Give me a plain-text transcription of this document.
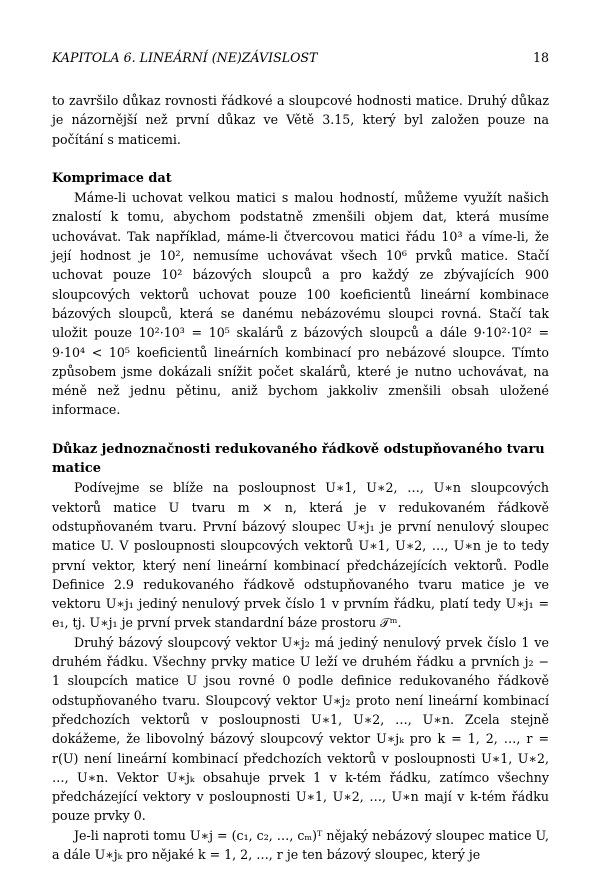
KAPITOLA 6. LINEÁRNÍ (NE)ZÁVISLOST	18

to završilo důkaz rovnosti řádkové a sloupcové hodnosti matice. Druhý důkaz je názornější než první důkaz ve Větě 3.15, který byl založen pouze na počítání s maticemi.

Komprimace dat

Máme-li uchovat velkou matici s malou hodností, můžeme využít našich znalostí k tomu, abychom podstatně zmenšili objem dat, která musíme uchovávat. Tak například, máme-li čtvercovou matici řádu 10³ a víme-li, že její hodnost je 10², nemusíme uchovávat všech 10⁶ prvků matice. Stačí uchovat pouze 10² bázových sloupců a pro každý ze zbývajících 900 sloupcových vektorů uchovat pouze 100 koeficientů lineární kombinace bázových sloupců, která se danému nebázovému sloupci rovná. Stačí tak uložit pouze 10²·10³ = 10⁵ skalárů z bázových sloupců a dále 9·10²·10² = 9·10⁴ < 10⁵ koeficientů lineárních kombinací pro nebázové sloupce. Tímto způsobem jsme dokázali snížit počet skalárů, které je nutno uchovávat, na méně než jednu pětinu, aniž bychom jakkoliv zmenšili obsah uložené informace.

Důkaz jednoznačnosti redukovaného řádkově odstupňovaného tvaru matice

Podívejme se blíže na posloupnost U∗1, U∗2, …, U∗n sloupcových vektorů matice U tvaru m × n, která je v redukovaném řádkově odstupňovaném tvaru. První bázový sloupec U∗j₁ je první nenulový sloupec matice U. V posloupnosti sloupcových vektorů U∗1, U∗2, …, U∗n je to tedy první vektor, který není lineární kombinací předcházejících vektorů. Podle Definice 2.9 redukovaného řádkově odstupňovaného tvaru matice je ve vektoru U∗j₁ jediný nenulový prvek číslo 1 v prvním řádku, platí tedy U∗j₁ = e₁, tj. U∗j₁ je první prvek standardní báze prostoru 𝒯ᵐ.

Druhý bázový sloupcový vektor U∗j₂ má jediný nenulový prvek číslo 1 ve druhém řádku. Všechny prvky matice U leží ve druhém řádku a prvních j₂ − 1 sloupcích matice U jsou rovné 0 podle definice redukovaného řádkově odstupňovaného tvaru. Sloupcový vektor U∗j₂ proto není lineární kombinací předchozích vektorů v posloupnosti U∗1, U∗2, …, U∗n. Zcela stejně dokážeme, že libovolný bázový sloupcový vektor U∗jₖ pro k = 1, 2, …, r = r(U) není lineární kombinací předchozích vektorů v posloupnosti U∗1, U∗2, …, U∗n. Vektor U∗jₖ obsahuje prvek 1 v k-tém řádku, zatímco všechny předcházející vektory v posloupnosti U∗1, U∗2, …, U∗n mají v k-tém řádku pouze prvky 0.

Je-li naproti tomu U∗j = (c₁, c₂, …, cₘ)ᵀ nějaký nebázový sloupec matice U, a dále U∗jₖ pro nějaké k = 1, 2, …, r je ten bázový sloupec, který je
